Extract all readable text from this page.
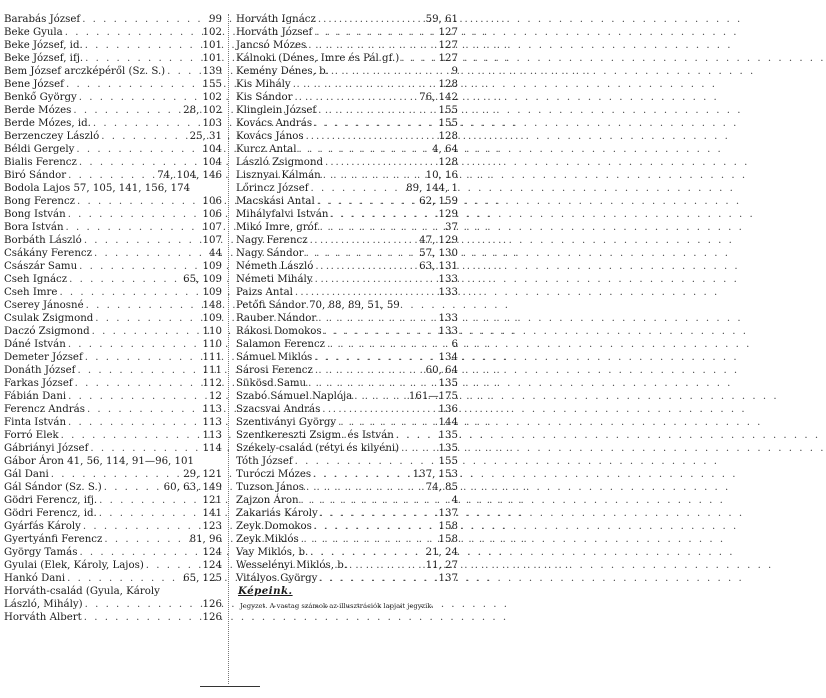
Barabás József . . .	99
Beke Gyula . . .	102
Beke József, id. . . .	101
Beke József, ifj. . . .	101
Bem József arczképéről (Sz. S.) . . .	139
Bene József . . .	155
Benkő György . . .	102
Berde Mózes . . .	28, 102
Berde Mózes, id. . . .	103
Berzenczey László . . .	25, 31
Béldi Gergely . . .	104
Bialis Ferencz . . .	104
Biró Sándor . . .	74, 104, 146
Bodola Lajos 57, 105, 141, 156, 174
Bong Ferencz . . .	106
Bong István . . .	106
Bora István . . .	107
Borbáth László . . .	107
Csákány Ferencz . . .	44
Császár Samu . . .	109
Cseh Ignácz . . .	65, 109
Cseh Imre . . .	109
Cserey Jánosné . . .	148
Csulak Zsigmond . . .	109
Daczó Zsigmond . . .	110
Dáné István . . .	110
Demeter József . . .	111
Donáth József . . .	111
Farkas József . . .	112
Fábián Dani . . .	12
Ferencz András . . .	113
Finta István . . .	113
Forró Elek . . .	113
Gábriányi József . . .	114
Gábor Áron 41, 56, 114, 91—96, 101
Gál Dani . . .	29, 121
Gál Sándor (Sz. S.) . . .	60, 63, 149
Gödri Ferencz, ifj. . . .	121
Gödri Ferencz, id. . . .	141
Gyárfás Károly . . .	123
Gyertyánfi Ferencz . . .	81, 96
György Tamás . . .	124
Gyulai (Elek, Károly, Lajos) . . .	124
Hankó Dani . . .	65, 125
Horváth-család (Gyula, Károly
László, Mihály) . . .	126
Horváth Albert . . .	126
Horváth Ignácz . . .	59, 61
Horváth József . . .	127
Jancsó Mózes . . .	127
Kálnoki (Dénes, Imre és Pál gf.) . . .	127
Kemény Dénes, b. . . .	9
Kis Mihály . . .	128
Kis Sándor . . .	76, 142
Klinglein József . . .	155
Kovács András . . .	155
Kovács János . . .	128
Kurcz Antal . . .	4, 64
László Zsigmond . . .	128
Lisznyai Kálmán . . .	10, 16
Lőrincz József . . .	89, 144, 1
Macskási Antal . . .	62, 159
Mihályfalvi István . . .	129
Mikó Imre, gróf . . .	37
Nagy Ferencz . . .	47, 129
Nagy Sándor . . .	57, 130
Németh László . . .	63, 131
Németi Mihály . . .	133
Paizs Antal . . .	133
Petőfi Sándor 70, 88, 89, 51, 59
Rauber Nándor . . .	133
Rákosi Domokos . . .	133
Salamon Ferencz . . .	6
Sámuel Miklós . . .	134
Sárosi Ferencz . . .	60, 64
Sükösd Samu . . .	135
Szabó Sámuel Naplója . . .	161—175
Szacsvai András . . .	136
Szentiványi György . . .	144
Szentkereszti Zsigm. és István . . .	135
Székely-család (rétyi és kilyéni) . . .	135
Tóth József . . .	155
Turóczi Mózes . . .	137, 153
Tuzson János . . .	74, 85
Zajzon Áron . . .	4
Zakariás Károly . . .	137
Zeyk Domokos . . .	158
Zeyk Miklós . . .	158
Vay Miklós, b. . . .	21, 24
Wesselényi Miklós, b. . . .	11, 27
Vitályos György . . .	137
Képeink.
Jegyzet. A vastag számok az illusztrációk lapjait jegyzik.
